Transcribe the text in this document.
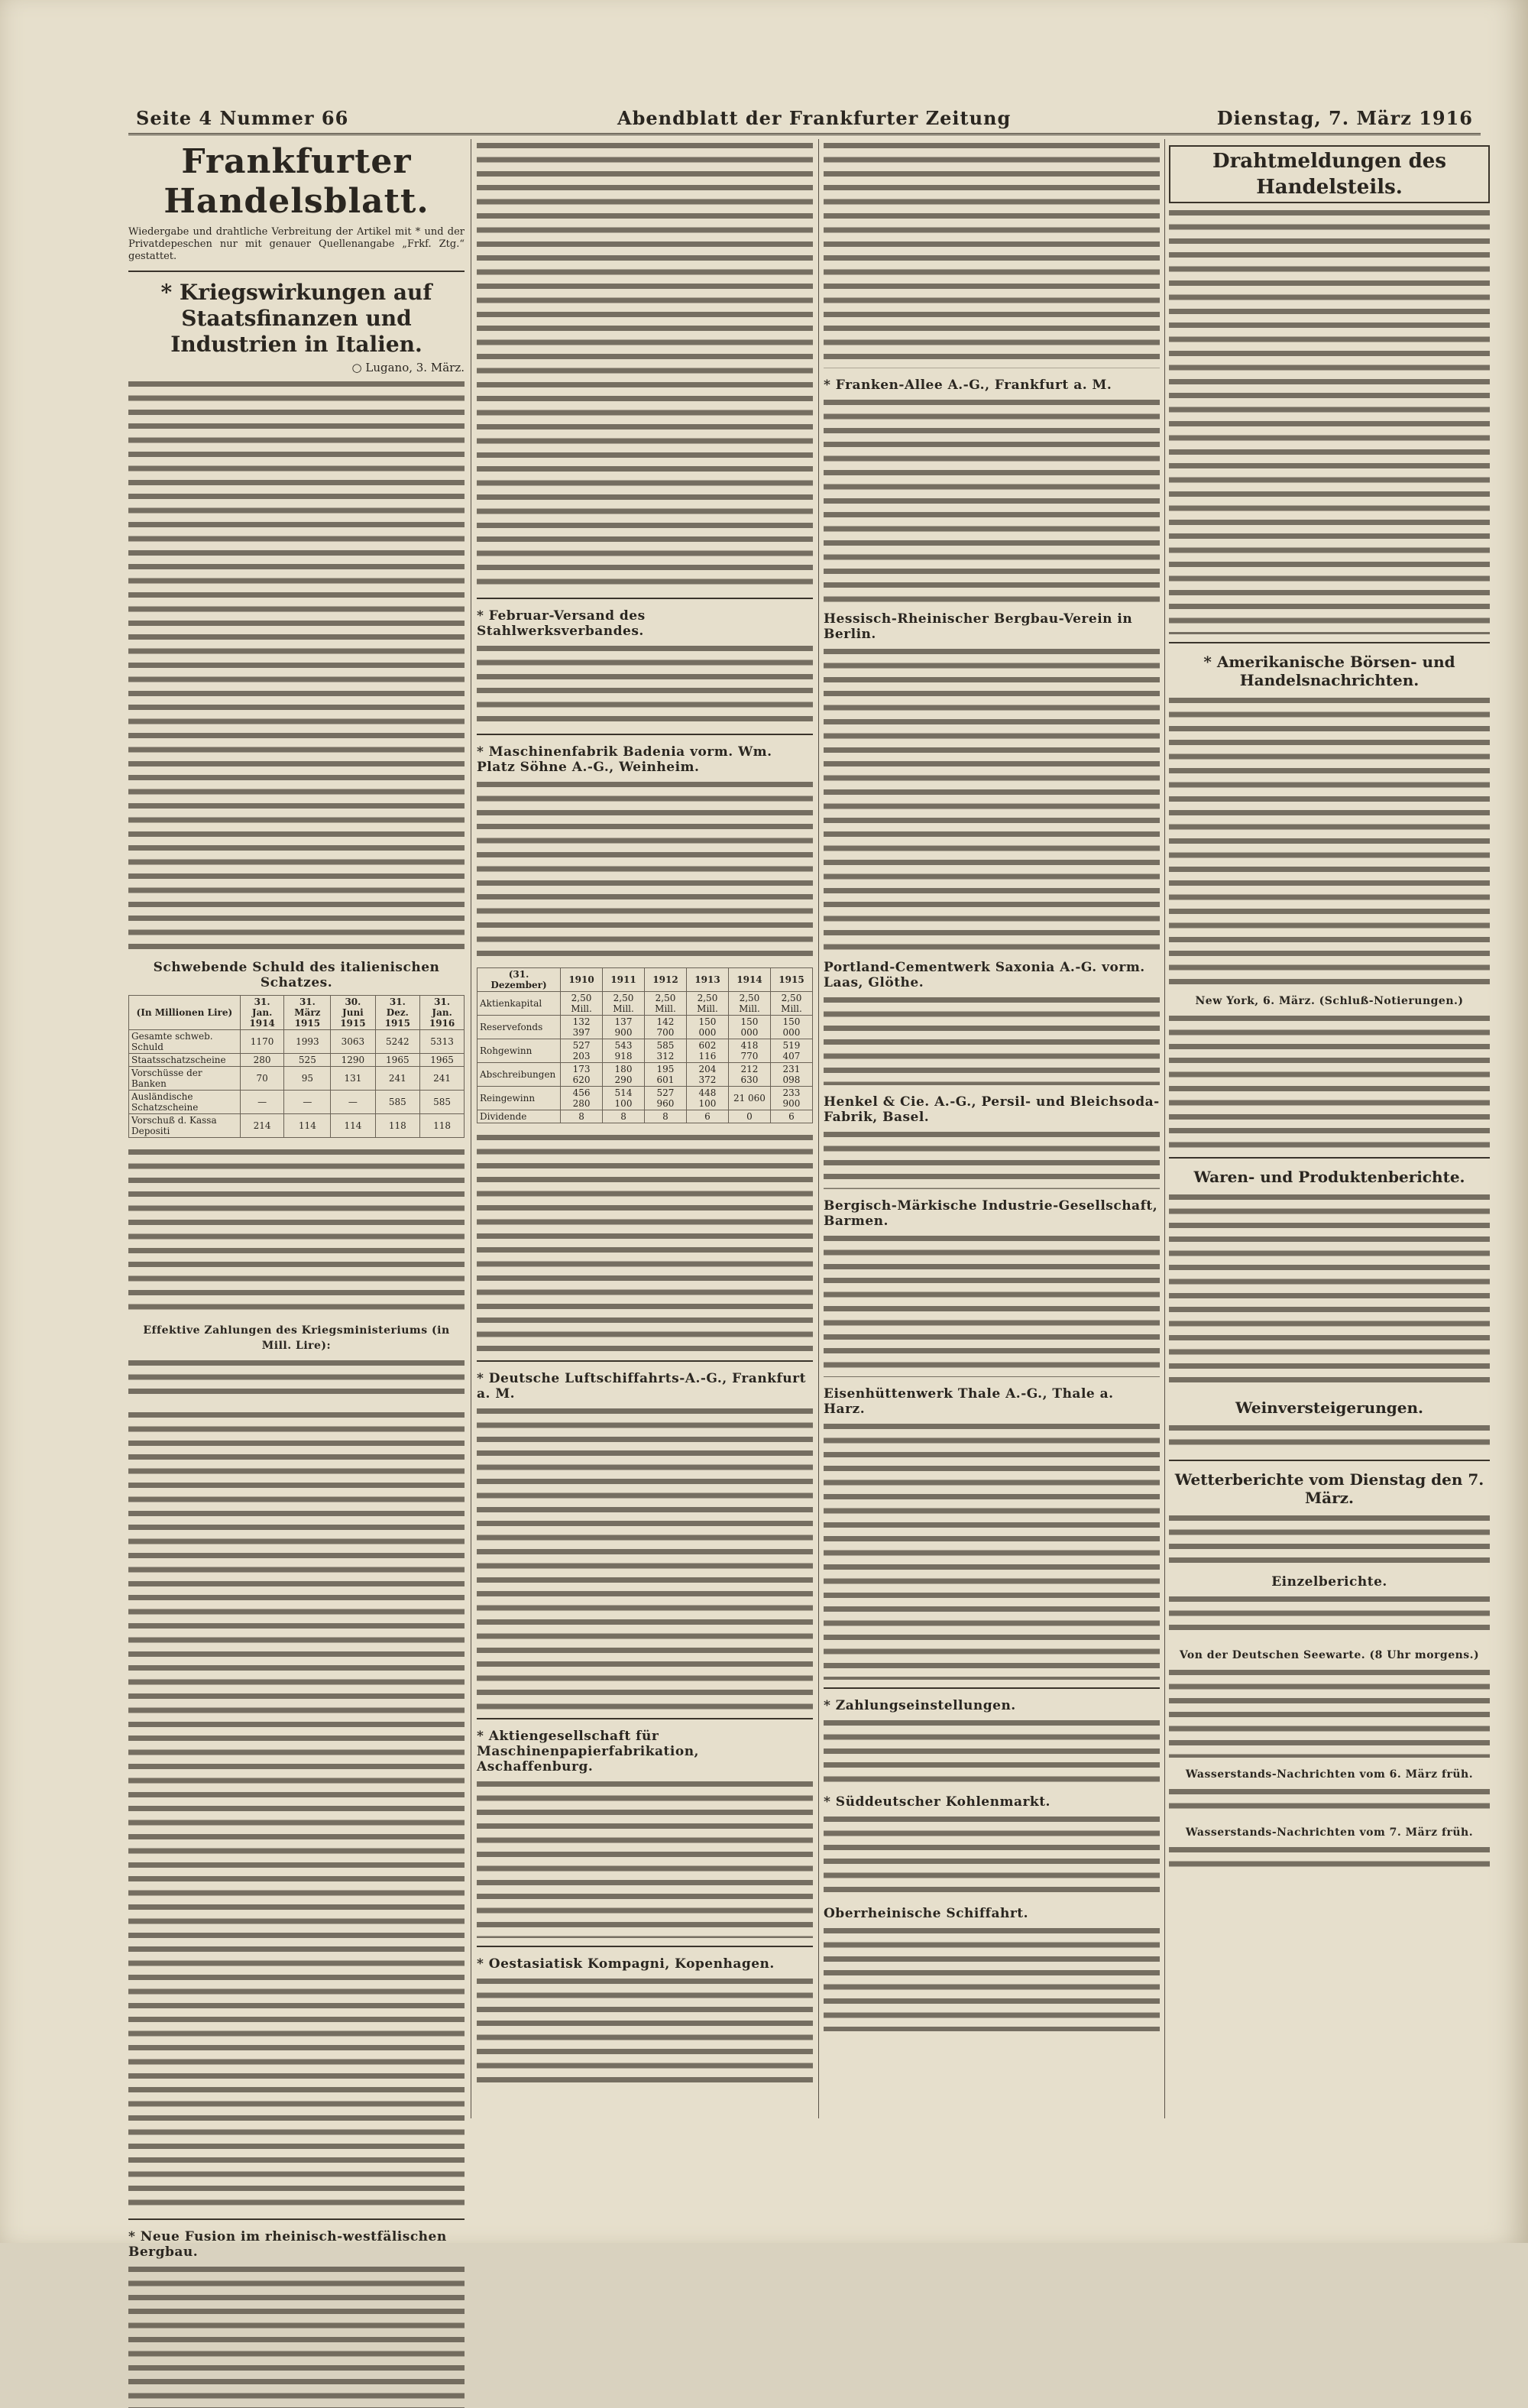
Seite 4 Nummer 66	Abendblatt der Frankfurter Zeitung	Dienstag, 7. März 1916
Frankfurter Handelsblatt.
Wiedergabe und drahtliche Verbreitung der Artikel mit * und der Privatdepeschen nur mit genauer Quellenangabe „Frkf. Ztg.“ gestattet.
* Kriegswirkungen auf Staatsfinanzen und Industrien in Italien.
○ Lugano, 3. März.
Schwebende Schuld des italienischen Schatzes.
(In Millionen Lire)	31. Jan. 1914	31. März 1915	30. Juni 1915	31. Dez. 1915	31. Jan. 1916
Gesamte schweb. Schuld	1170	1993	3063	5242	5313
Staatsschatzscheine	280	525	1290	1965	1965
Vorschüsse der Banken	70	95	131	241	241
Ausländische Schatzscheine	—	—	—	585	585
Vorschuß d. Kassa Depositi	214	114	114	118	118
Effektive Zahlungen des Kriegsministeriums (in Mill. Lire):
* Neue Fusion im rheinisch-westfälischen Bergbau.
* Februar-Versand des Stahlwerksverbandes.
* Maschinenfabrik Badenia vorm. Wm. Platz Söhne A.-G., Weinheim.
(31. Dezember)	1910	1911	1912	1913	1914	1915
Aktienkapital	2,50 Mill.	2,50 Mill.	2,50 Mill.	2,50 Mill.	2,50 Mill.	2,50 Mill.
Reservefonds	132 397	137 900	142 700	150 000	150 000	150 000
Rohgewinn	527 203	543 918	585 312	602 116	418 770	519 407
Abschreibungen	173 620	180 290	195 601	204 372	212 630	231 098
Reingewinn	456 280	514 100	527 960	448 100	21 060	233 900
Dividende	8	8	8	6	0	6
* Deutsche Luftschiffahrts-A.-G., Frankfurt a. M.
* Aktiengesellschaft für Maschinenpapierfabrikation, Aschaffenburg.
* Oestasiatisk Kompagni, Kopenhagen.
* Franken-Allee A.-G., Frankfurt a. M.
Hessisch-Rheinischer Bergbau-Verein in Berlin.
Portland-Cementwerk Saxonia A.-G. vorm. Laas, Glöthe.
Henkel & Cie. A.-G., Persil- und Bleichsoda-Fabrik, Basel.
Bergisch-Märkische Industrie-Gesellschaft, Barmen.
Eisenhüttenwerk Thale A.-G., Thale a. Harz.
* Zahlungseinstellungen.
* Süddeutscher Kohlenmarkt.
Oberrheinische Schiffahrt.
Drahtmeldungen des Handelsteils.
* Amerikanische Börsen- und Handelsnachrichten.
New York, 6. März. (Schluß-Notierungen.)
Waren- und Produktenberichte.
Weinversteigerungen.
Wetterberichte vom Dienstag den 7. März.
Einzelberichte.
Von der Deutschen Seewarte. (8 Uhr morgens.)
Wasserstands-Nachrichten vom 6. März früh.
Wasserstands-Nachrichten vom 7. März früh.
